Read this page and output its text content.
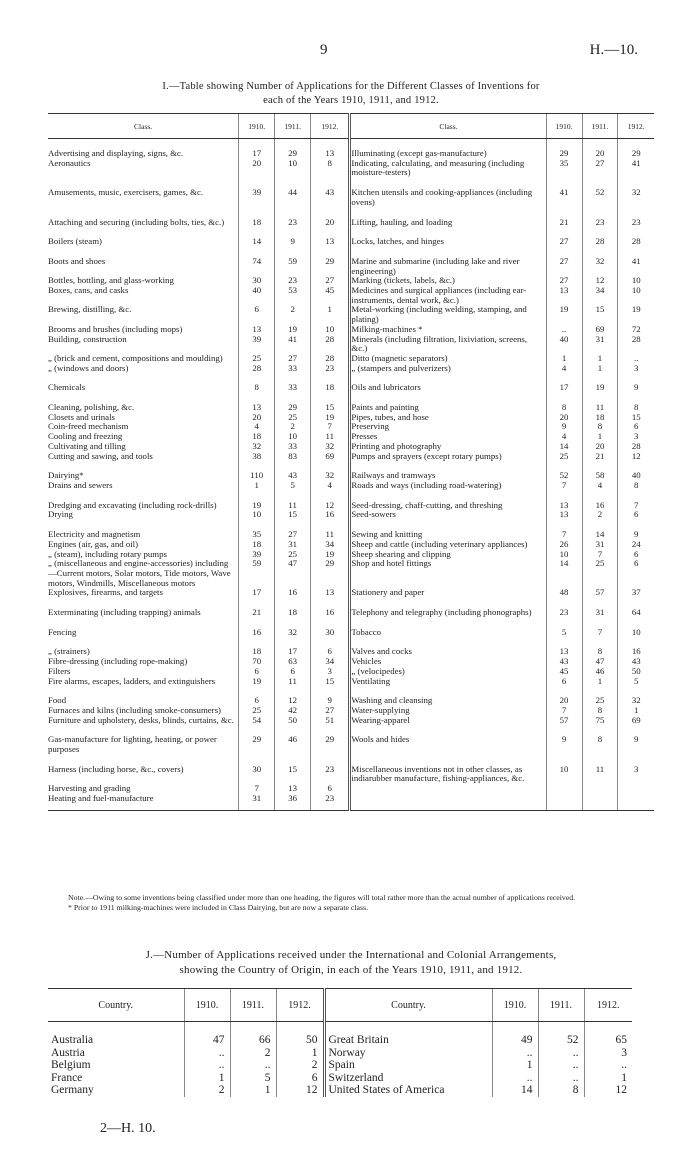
9	H.—10.
I.—Table showing Number of Applications for the Different Classes of Inventions for
each of the Years 1910, 1911, and 1912.
Class.	1910.	1911.	1912.	Class.	1910.	1911.	1912.
Advertising and displaying, signs, &c.	17	29	13	Illuminating (except gas-manufacture)	29	20	29
Aeronautics	20	10	8	Indicating, calculating, and measuring (including moisture-testers)	35	27	41
Amusements, music, exercisers, games, &c.	39	44	43	Kitchen utensils and cooking-appliances (including ovens)	41	52	32
Attaching and securing (including bolts, ties, &c.)	18	23	20	Lifting, hauling, and loading	21	23	23
Boilers (steam)	14	9	13	Locks, latches, and hinges	27	28	28
Boots and shoes	74	59	29	Marine and submarine (including lake and river engineering)	27	32	41
Bottles, bottling, and glass-working	30	23	27	Marking (tickets, labels, &c.)	27	12	10
Boxes, cans, and casks	40	53	45	Medicines and surgical appliances (including ear-instruments, dental work, &c.)	13	34	10
Brewing, distilling, &c.	6	2	1	Metal-working (including welding, stamping, and plating)	19	15	19
Brooms and brushes (including mops)	13	19	10	Milking-machines *	..	69	72
Building, construction	39	41	28	Minerals (including filtration, lixiviation, screens, &c.)	40	31	28
„ (brick and cement, compositions and moulding)	25	27	28	Ditto (magnetic separators)	1	1	..
„ (windows and doors)	28	33	23	„ (stampers and pulverizers)	4	1	3
Chemicals	8	33	18	Oils and lubricators	17	19	9
Cleaning, polishing, &c.	13	29	15	Paints and painting	8	11	8
Closets and urinals	20	25	19	Pipes, tubes, and hose	20	18	15
Coin-freed mechanism	4	2	7	Preserving	9	8	6
Cooling and freezing	18	10	11	Presses	4	1	3
Cultivating and tilling	32	33	32	Printing and photography	14	20	28
Cutting and sawing, and tools	38	83	69	Pumps and sprayers (except rotary pumps)	25	21	12
Dairying*	110	43	32	Railways and tramways	52	58	40
Drains and sewers	1	5	4	Roads and ways (including road-watering)	7	4	8
Dredging and excavating (including rock-drills)	19	11	12	Seed-dressing, chaff-cutting, and threshing	13	16	7
Drying	10	15	16	Seed-sowers	13	2	6
Electricity and magnetism	35	27	11	Sewing and knitting	7	14	9
Engines (air, gas, and oil)	18	31	34	Sheep and cattle (including veterinary appliances)	26	31	24
„ (steam), including rotary pumps	39	25	19	Sheep shearing and clipping	10	7	6
„ (miscellaneous and engine-accessories) including—Current motors, Solar motors, Tide motors, Wave motors, Windmills, Miscellaneous motors	59	47	29	Shop and hotel fittings	14	25	6
Explosives, firearms, and targets	17	16	13	Stationery and paper	48	57	37
Exterminating (including trapping) animals	21	18	16	Telephony and telegraphy (including phonographs)	23	31	64
Fencing	16	32	30	Tobacco	5	7	10
„ (strainers)	18	17	6	Valves and cocks	13	8	16
Fibre-dressing (including rope-making)	70	63	34	Vehicles	43	47	43
Filters	6	6	3	„ (velocipedes)	45	46	50
Fire alarms, escapes, ladders, and extinguishers	19	11	15	Ventilating	6	1	5
Food	6	12	9	Washing and cleansing	20	25	32
Furnaces and kilns (including smoke-consumers)	25	42	27	Water-supplying	7	8	1
Furniture and upholstery, desks, blinds, curtains, &c.	54	50	51	Wearing-apparel	57	75	69
Gas-manufacture for lighting, heating, or power purposes	29	46	29	Wools and hides	9	8	9
Harness (including horse, &c., covers)	30	15	23	Miscellaneous inventions not in other classes, as indiarubber manufacture, fishing-appliances, &c.	10	11	3
Harvesting and grading	7	13	6				
Heating and fuel-manufacture	31	36	23				

Note.—Owing to some inventions being classified under more than one heading, the figures will total rather more than the actual number of applications received.

* Prior to 1911 milking-machines were included in Class Dairying, but are now a separate class.

J.—Number of Applications received under the International and Colonial Arrangements,
showing the Country of Origin, in each of the Years 1910, 1911, and 1912.
Country.	1910.	1911.	1912.	Country.	1910.	1911.	1912.
Australia	47	66	50	Great Britain	49	52	65
Austria	..	2	1	Norway	..	..	3
Belgium	..	..	2	Spain	1	..	..
France	1	5	6	Switzerland	..	..	1
Germany	2	1	12	United States of America	14	8	12
2—H. 10.
